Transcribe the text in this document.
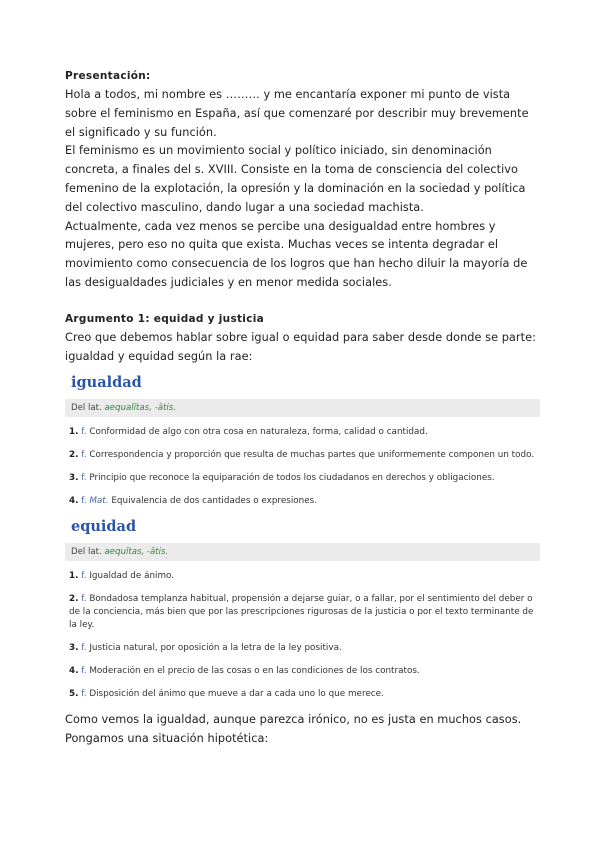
Presentación:

Hola a todos, mi nombre es ……… y me encantaría exponer mi punto de vista sobre el feminismo en España, así que comenzaré por describir muy brevemente el significado y su función.

El feminismo es un movimiento social y político iniciado, sin denominación concreta, a finales del s. XVIII. Consiste en la toma de consciencia del colectivo femenino de la explotación, la opresión y la dominación en la sociedad y política del colectivo masculino, dando lugar a una sociedad machista.

Actualmente, cada vez menos se percibe una desigualdad entre hombres y mujeres, pero eso no quita que exista. Muchas veces se intenta degradar el movimiento como consecuencia de los logros que han hecho diluir la mayoría de las desigualdades judiciales y en menor medida sociales.

Argumento 1: equidad y justicia

Creo que debemos hablar sobre igual o equidad para saber desde donde se parte: igualdad y equidad según la rae:

igualdad
Del lat. aequalĭtas, -ātis.
1. f. Conformidad de algo con otra cosa en naturaleza, forma, calidad o cantidad.
2. f. Correspondencia y proporción que resulta de muchas partes que uniformemente componen un todo.
3. f. Principio que reconoce la equiparación de todos los ciudadanos en derechos y obligaciones.
4. f. Mat. Equivalencia de dos cantidades o expresiones.
equidad
Del lat. aequĭtas, -ātis.
1. f. Igualdad de ánimo.
2. f. Bondadosa templanza habitual, propensión a dejarse guiar, o a fallar, por el sentimiento del deber o de la conciencia, más bien que por las prescripciones rigurosas de la justicia o por el texto terminante de la ley.
3. f. Justicia natural, por oposición a la letra de la ley positiva.
4. f. Moderación en el precio de las cosas o en las condiciones de los contratos.
5. f. Disposición del ánimo que mueve a dar a cada uno lo que merece.

Como vemos la igualdad, aunque parezca irónico, no es justa en muchos casos. Pongamos una situación hipotética:
